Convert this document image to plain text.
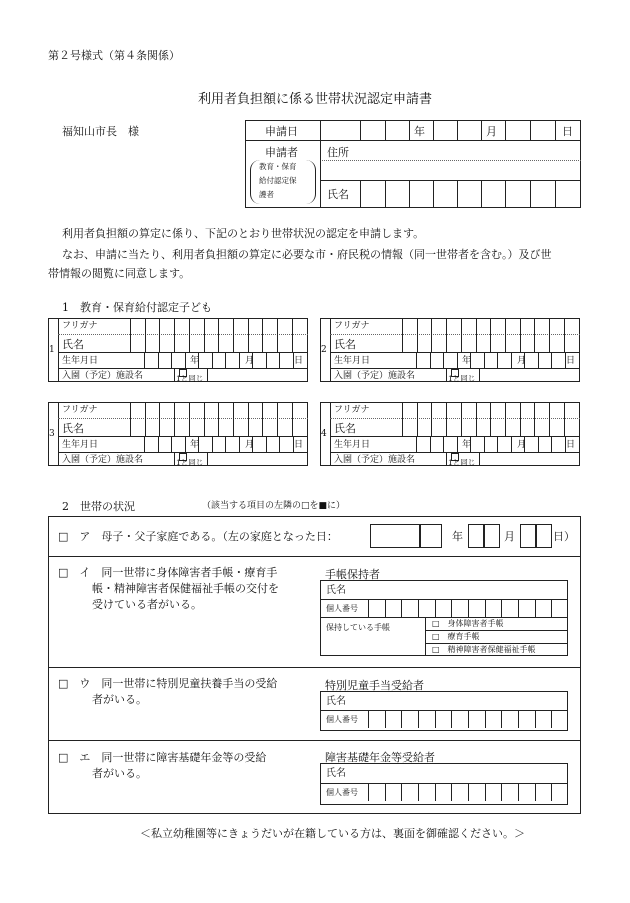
第２号様式（第４条関係）
利用者負担額に係る世帯状況認定申請書
福知山市長　様	申請日	年	月	日
申請者
教育・保育
給付認定保
護者
住所
氏名
利用者負担額の算定に係り、下記のとおり世帯状況の認定を申請します。
なお、申請に当たり、利用者負担額の算定に必要な市・府民税の情報（同一世帯者を含む。）及び世
帯情報の閲覧に同意します。
1　教育・保育給付認定子ども
1
フリガナ
氏名
生年月日	年	月	日
入園（予定）施設名	1と同じ
2
フリガナ
氏名
生年月日	年	月	日
入園（予定）施設名	1と同じ
3
フリガナ
氏名
生年月日	年	月	日
入園（予定）施設名	1と同じ
4
フリガナ
氏名
生年月日	年	月	日
入園（予定）施設名	1と同じ
2　世帯の状況	（該当する項目の左隣の□を■に）
□　ア　母子・父子家庭である。（左の家庭となった日：	年	月	日）
□　イ　同一世帯に身体障害者手帳・療育手
帳・精神障害者保健福祉手帳の交付を
受けている者がいる。
手帳保持者
氏名
個人番号
保持している手帳	□　身体障害者手帳
□　療育手帳
□　精神障害者保健福祉手帳
□　ウ　同一世帯に特別児童扶養手当の受給
者がいる。
特別児童手当受給者
氏名
個人番号
□　エ　同一世帯に障害基礎年金等の受給
者がいる。
障害基礎年金等受給者
氏名
個人番号
＜私立幼稚園等にきょうだいが在籍している方は、裏面を御確認ください。＞
